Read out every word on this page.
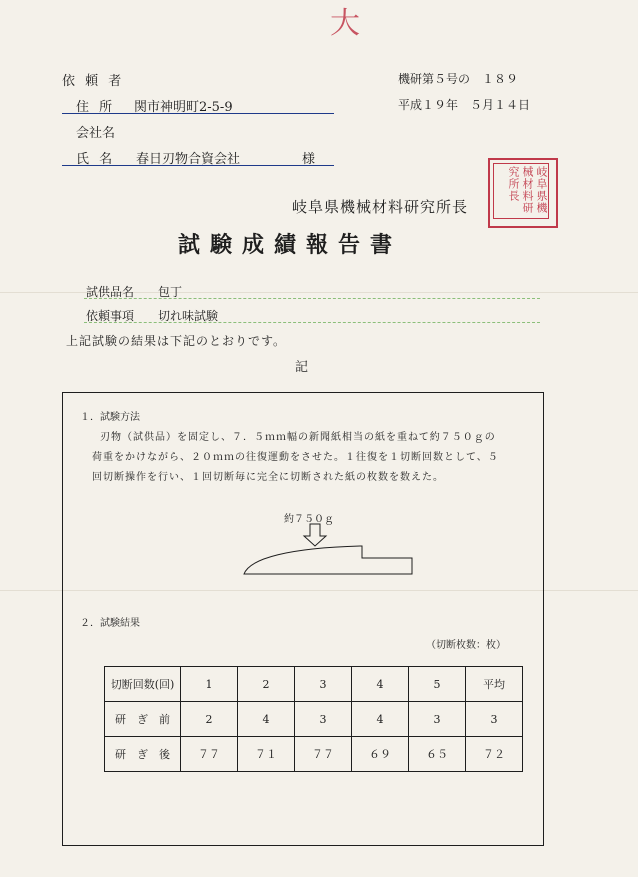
大
依 頼 者
住 所 関市神明町2-5-9
会社名
氏 名 春日刃物合資会社	様
機研第５号の　１８９
平成１９年　５月１４日
岐阜県機械材料研究所長
岐阜県機械材料研究所長
試験成績報告書
試供品名 包丁
依頼事項 切れ味試験
上記試験の結果は下記のとおりです。
記
１．試験方法
刃物（試供品）を固定し、７．５ｍｍ幅の新聞紙相当の紙を重ねて約７５０ｇの
荷重をかけながら、２０ｍｍの往復運動をさせた。１往復を１切断回数として、５
回切断操作を行い、１回切断毎に完全に切断された紙の枚数を数えた。
約７５０ｇ
２．試験結果
（切断枚数：枚）
切断回数(回)	1	2	3	4	5	平均
研　ぎ　前	2	4	3	4	3	3
研　ぎ　後	７７	７１	７７	６９	６５	７２
